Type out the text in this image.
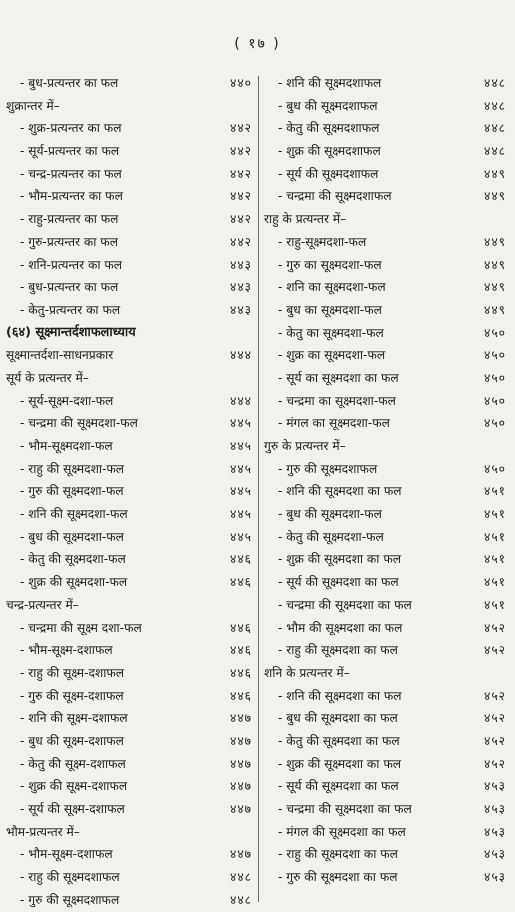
( १७ )
- बुध-प्रत्यन्तर का फल	४४०
शुक्रान्तर में–
- शुक्र-प्रत्यन्तर का फल	४४२
- सूर्य-प्रत्यन्तर का फल	४४२
- चन्द्र-प्रत्यन्तर का फल	४४२
- भौम-प्रत्यन्तर का फल	४४२
- राहु-प्रत्यन्तर का फल	४४२
- गुरु-प्रत्यन्तर का फल	४४२
- शनि-प्रत्यन्तर का फल	४४३
- बुध-प्रत्यन्तर का फल	४४३
- केतु-प्रत्यन्तर का फल	४४३
(६४) सूक्ष्मान्तर्दशाफलाध्याय
सूक्ष्मान्तर्दशा-साधनप्रकार	४४४
सूर्य के प्रत्यन्तर में–
- सूर्य-सूक्ष्म-दशा-फल	४४४
- चन्द्रमा की सूक्ष्मदशा-फल	४४५
- भौम-सूक्ष्मदशा-फल	४४५
- राहु की सूक्ष्मदशा-फल	४४५
- गुरु की सूक्ष्मदशा-फल	४४५
- शनि की सूक्ष्मदशा-फल	४४५
- बुध की सूक्ष्मदशा-फल	४४५
- केतु की सूक्ष्मदशा-फल	४४६
- शुक्र की सूक्ष्मदशा-फल	४४६
चन्द्र-प्रत्यन्तर में–
- चन्द्रमा की सूक्ष्म दशा-फल	४४६
- भौम-सूक्ष्म-दशाफल	४४६
- राहु की सूक्ष्म-दशाफल	४४६
- गुरु की सूक्ष्म-दशाफल	४४६
- शनि की सूक्ष्म-दशाफल	४४७
- बुध की सूक्ष्म-दशाफल	४४७
- केतु की सूक्ष्म-दशाफल	४४७
- शुक्र की सूक्ष्म-दशाफल	४४७
- सूर्य की सूक्ष्म-दशाफल	४४७
भौम-प्रत्यन्तर में–
- भौम-सूक्ष्म-दशाफल	४४७
- राहु की सूक्ष्मदशाफल	४४८
- गुरु की सूक्ष्मदशाफल	४४८
- शनि की सूक्ष्मदशाफल	४४८
- बुध की सूक्ष्मदशाफल	४४८
- केतु की सूक्ष्मदशाफल	४४८
- शुक्र की सूक्ष्मदशाफल	४४८
- सूर्य की सूक्ष्मदशाफल	४४९
- चन्द्रमा की सूक्ष्मदशाफल	४४९
राहु के प्रत्यन्तर में–
- राहु-सूक्ष्मदशा-फल	४४९
- गुरु का सूक्ष्मदशा-फल	४४९
- शनि का सूक्ष्मदशा-फल	४४९
- बुध का सूक्ष्मदशा-फल	४४९
- केतु का सूक्ष्मदशा-फल	४५०
- शुक्र का सूक्ष्मदशा-फल	४५०
- सूर्य का सूक्ष्मदशा का फल	४५०
- चन्द्रमा का सूक्ष्मदशा-फल	४५०
- मंगल का सूक्ष्मदशा-फल	४५०
गुरु के प्रत्यन्तर में–
- गुरु की सूक्ष्मदशाफल	४५०
- शनि की सूक्ष्मदशा का फल	४५१
- बुध की सूक्ष्मदशा-फल	४५१
- केतु की सूक्ष्मदशा-फल	४५१
- शुक्र की सूक्ष्मदशा का फल	४५१
- सूर्य की सूक्ष्मदशा का फल	४५१
- चन्द्रमा की सूक्ष्मदशा का फल	४५१
- भौम की सूक्ष्मदशा का फल	४५२
- राहु की सूक्ष्मदशा का फल	४५२
शनि के प्रत्यन्तर में–
- शनि की सूक्ष्मदशा का फल	४५२
- बुध की सूक्ष्मदशा का फल	४५२
- केतु की सूक्ष्मदशा का फल	४५२
- शुक्र की सूक्ष्मदशा का फल	४५२
- सूर्य की सूक्ष्मदशा का फल	४५३
- चन्द्रमा की सूक्ष्मदशा का फल	४५३
- मंगल की सूक्ष्मदशा का फल	४५३
- राहु की सूक्ष्मदशा का फल	४५३
- गुरु की सूक्ष्मदशा का फल	४५३
